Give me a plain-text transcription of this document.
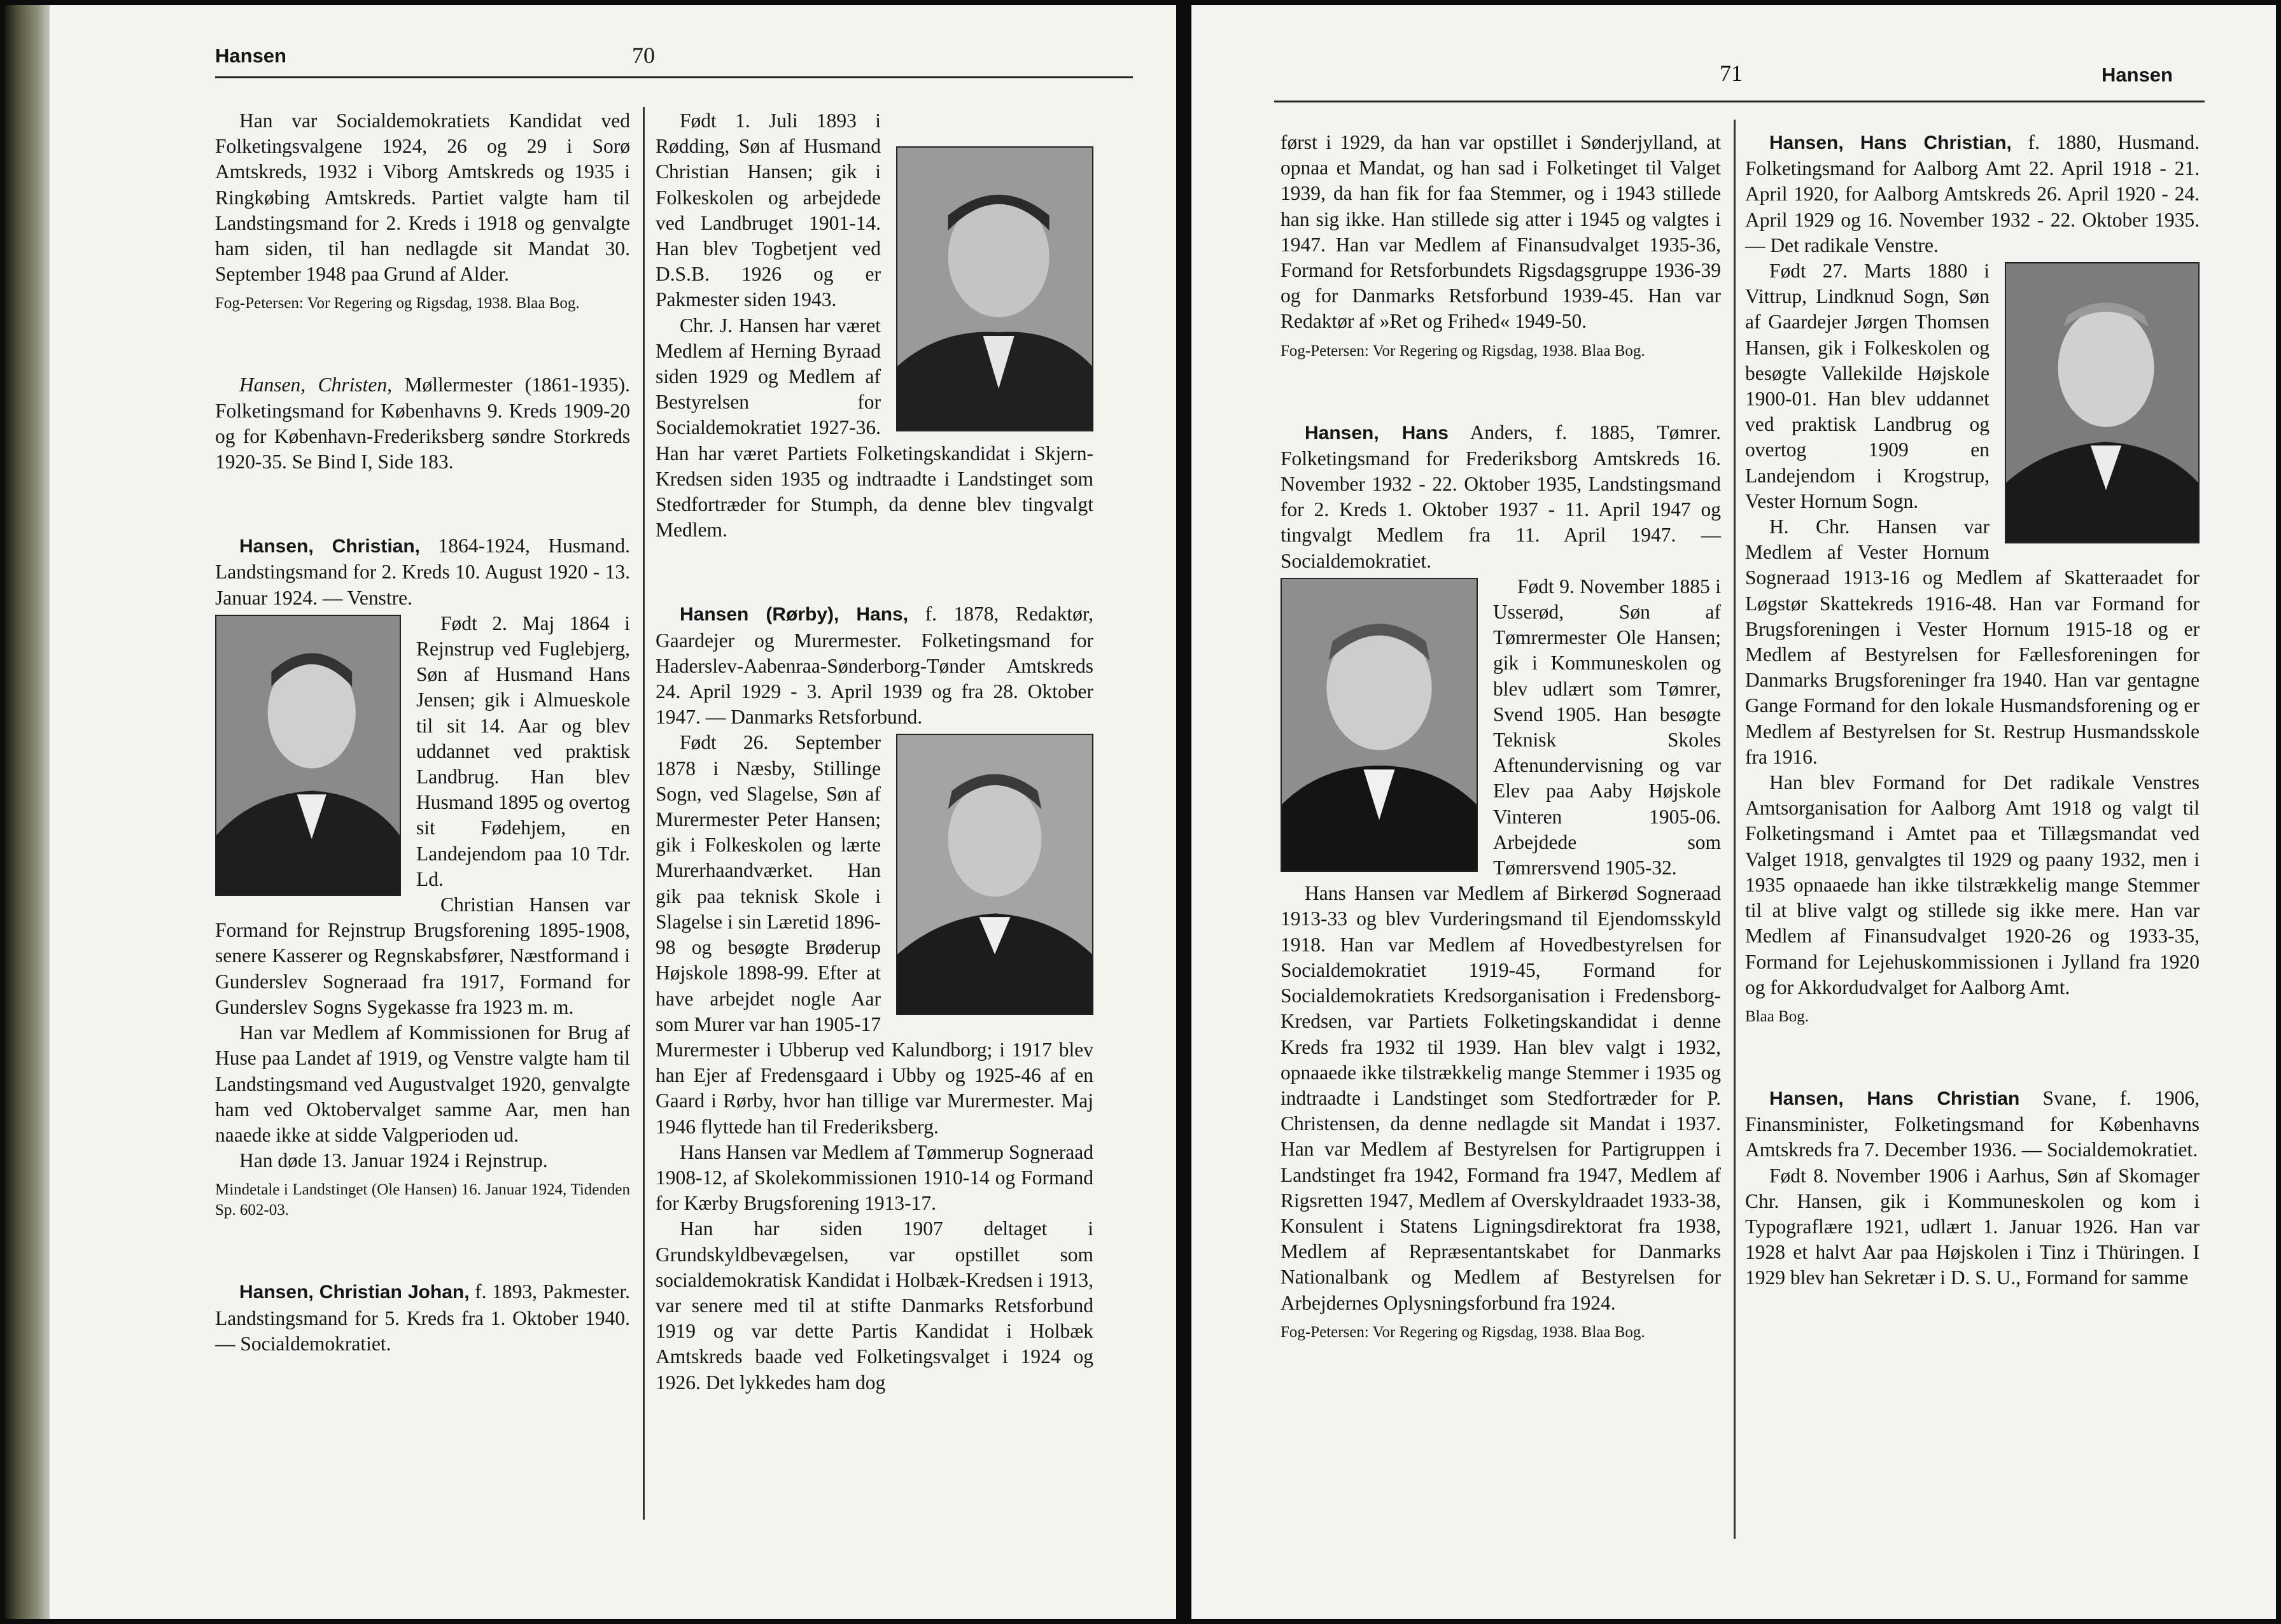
Hansen	70

Han var Socialdemokratiets Kandidat ved Folketingsvalgene 1924, 26 og 29 i Sorø Amtskreds, 1932 i Viborg Amtskreds og 1935 i Ringkøbing Amtskreds. Partiet valgte ham til Landstingsmand for 2. Kreds i 1918 og genvalgte ham siden, til han nedlagde sit Mandat 30. September 1948 paa Grund af Alder.

Fog-Petersen: Vor Regering og Rigsdag, 1938. Blaa Bog.

Hansen, Christen, Møllermester (1861-1935). Folketingsmand for Københavns 9. Kreds 1909-20 og for København-Frederiksberg søndre Storkreds 1920-35. Se Bind I, Side 183.

Hansen, Christian, 1864-1924, Husmand. Landstingsmand for 2. Kreds 10. August 1920 - 13. Januar 1924. — Venstre.

Født 2. Maj 1864 i Rejnstrup ved Fuglebjerg, Søn af Husmand Hans Jensen; gik i Almueskole til sit 14. Aar og blev uddannet ved praktisk Landbrug. Han blev Husmand 1895 og overtog sit Fødehjem, en Landejendom paa 10 Tdr. Ld.

Christian Hansen var Formand for Rejnstrup Brugsforening 1895-1908, senere Kasserer og Regnskabsfører, Næstformand i Gunderslev Sogneraad fra 1917, Formand for Gunderslev Sogns Sygekasse fra 1923 m. m.

Han var Medlem af Kommissionen for Brug af Huse paa Landet af 1919, og Venstre valgte ham til Landstingsmand ved Augustvalget 1920, genvalgte ham ved Oktobervalget samme Aar, men han naaede ikke at sidde Valgperioden ud.

Han døde 13. Januar 1924 i Rejnstrup.

Mindetale i Landstinget (Ole Hansen) 16. Januar 1924, Tidenden Sp. 602-03.

Hansen, Christian Johan, f. 1893, Pakmester. Landstingsmand for 5. Kreds fra 1. Oktober 1940. — Socialdemokratiet.

Født 1. Juli 1893 i Rødding, Søn af Husmand Christian Hansen; gik i Folkeskolen og arbejdede ved Landbruget 1901-14. Han blev Togbetjent ved D.S.B. 1926 og er Pakmester siden 1943.

Chr. J. Hansen har været Medlem af Herning Byraad siden 1929 og Medlem af Bestyrelsen for Socialdemokratiet 1927-36. Han har været Partiets Folketingskandidat i Skjern-Kredsen siden 1935 og indtraadte i Landstinget som Stedfortræder for Stumph, da denne blev tingvalgt Medlem.

Hansen (Rørby), Hans, f. 1878, Redaktør, Gaardejer og Murermester. Folketingsmand for Haderslev-Aabenraa-Sønderborg-Tønder Amtskreds 24. April 1929 - 3. April 1939 og fra 28. Oktober 1947. — Danmarks Retsforbund.

Født 26. September 1878 i Næsby, Stillinge Sogn, ved Slagelse, Søn af Murermester Peter Hansen; gik i Folkeskolen og lærte Murerhaandværket. Han gik paa teknisk Skole i Slagelse i sin Læretid 1896-98 og besøgte Brøderup Højskole 1898-99. Efter at have arbejdet nogle Aar som Murer var han 1905-17 Murermester i Ubberup ved Kalundborg; i 1917 blev han Ejer af Fredensgaard i Ubby og 1925-46 af en Gaard i Rørby, hvor han tillige var Murermester. Maj 1946 flyttede han til Frederiksberg.

Hans Hansen var Medlem af Tømmerup Sogneraad 1908-12, af Skolekommissionen 1910-14 og Formand for Kærby Brugsforening 1913-17.

Han har siden 1907 deltaget i Grundskyldbevægelsen, var opstillet som socialdemokratisk Kandidat i Holbæk-Kredsen i 1913, var senere med til at stifte Danmarks Retsforbund 1919 og var dette Partis Kandidat i Holbæk Amtskreds baade ved Folketingsvalget i 1924 og 1926. Det lykkedes ham dog

71	Hansen

først i 1929, da han var opstillet i Sønderjylland, at opnaa et Mandat, og han sad i Folketinget til Valget 1939, da han fik for faa Stemmer, og i 1943 stillede han sig ikke. Han stillede sig atter i 1945 og valgtes i 1947. Han var Medlem af Finansudvalget 1935-36, Formand for Retsforbundets Rigsdagsgruppe 1936-39 og for Danmarks Retsforbund 1939-45. Han var Redaktør af »Ret og Frihed« 1949-50.

Fog-Petersen: Vor Regering og Rigsdag, 1938. Blaa Bog.

Hansen, Hans Anders, f. 1885, Tømrer. Folketingsmand for Frederiksborg Amtskreds 16. November 1932 - 22. Oktober 1935, Landstingsmand for 2. Kreds 1. Oktober 1937 - 11. April 1947 og tingvalgt Medlem fra 11. April 1947. — Socialdemokratiet.

Født 9. November 1885 i Usserød, Søn af Tømrermester Ole Hansen; gik i Kommuneskolen og blev udlært som Tømrer, Svend 1905. Han besøgte Teknisk Skoles Aftenundervisning og var Elev paa Aaby Højskole Vinteren 1905-06. Arbejdede som Tømrersvend 1905-32.

Hans Hansen var Medlem af Birkerød Sogneraad 1913-33 og blev Vurderingsmand til Ejendomsskyld 1918. Han var Medlem af Hovedbestyrelsen for Socialdemokratiet 1919-45, Formand for Socialdemokratiets Kredsorganisation i Fredensborg-Kredsen, var Partiets Folketingskandidat i denne Kreds fra 1932 til 1939. Han blev valgt i 1932, opnaaede ikke tilstrækkelig mange Stemmer i 1935 og indtraadte i Landstinget som Stedfortræder for P. Christensen, da denne nedlagde sit Mandat i 1937. Han var Medlem af Bestyrelsen for Partigruppen i Landstinget fra 1942, Formand fra 1947, Medlem af Rigsretten 1947, Medlem af Overskyldraadet 1933-38, Konsulent i Statens Ligningsdirektorat fra 1938, Medlem af Repræsentantskabet for Danmarks Nationalbank og Medlem af Bestyrelsen for Arbejdernes Oplysningsforbund fra 1924.

Fog-Petersen: Vor Regering og Rigsdag, 1938. Blaa Bog.

Hansen, Hans Christian, f. 1880, Husmand. Folketingsmand for Aalborg Amt 22. April 1918 - 21. April 1920, for Aalborg Amtskreds 26. April 1920 - 24. April 1929 og 16. November 1932 - 22. Oktober 1935. — Det radikale Venstre.

Født 27. Marts 1880 i Vittrup, Lindknud Sogn, Søn af Gaardejer Jørgen Thomsen Hansen, gik i Folkeskolen og besøgte Vallekilde Højskole 1900-01. Han blev uddannet ved praktisk Landbrug og overtog 1909 en Landejendom i Krogstrup, Vester Hornum Sogn.

H. Chr. Hansen var Medlem af Vester Hornum Sogneraad 1913-16 og Medlem af Skatteraadet for Løgstør Skattekreds 1916-48. Han var Formand for Brugsforeningen i Vester Hornum 1915-18 og er Medlem af Bestyrelsen for Fællesforeningen for Danmarks Brugsforeninger fra 1940. Han var gentagne Gange Formand for den lokale Husmandsforening og er Medlem af Bestyrelsen for St. Restrup Husmandsskole fra 1916.

Han blev Formand for Det radikale Venstres Amtsorganisation for Aalborg Amt 1918 og valgt til Folketingsmand i Amtet paa et Tillægsmandat ved Valget 1918, genvalgtes til 1929 og paany 1932, men i 1935 opnaaede han ikke tilstrækkelig mange Stemmer til at blive valgt og stillede sig ikke mere. Han var Medlem af Finansudvalget 1920-26 og 1933-35, Formand for Lejehuskommissionen i Jylland fra 1920 og for Akkordudvalget for Aalborg Amt.

Blaa Bog.

Hansen, Hans Christian Svane, f. 1906, Finansminister, Folketingsmand for Københavns Amtskreds fra 7. December 1936. — Socialdemokratiet.

Født 8. November 1906 i Aarhus, Søn af Skomager Chr. Hansen, gik i Kommuneskolen og kom i Typograflære 1921, udlært 1. Januar 1926. Han var 1928 et halvt Aar paa Højskolen i Tinz i Thüringen. I 1929 blev han Sekretær i D. S. U., Formand for samme
